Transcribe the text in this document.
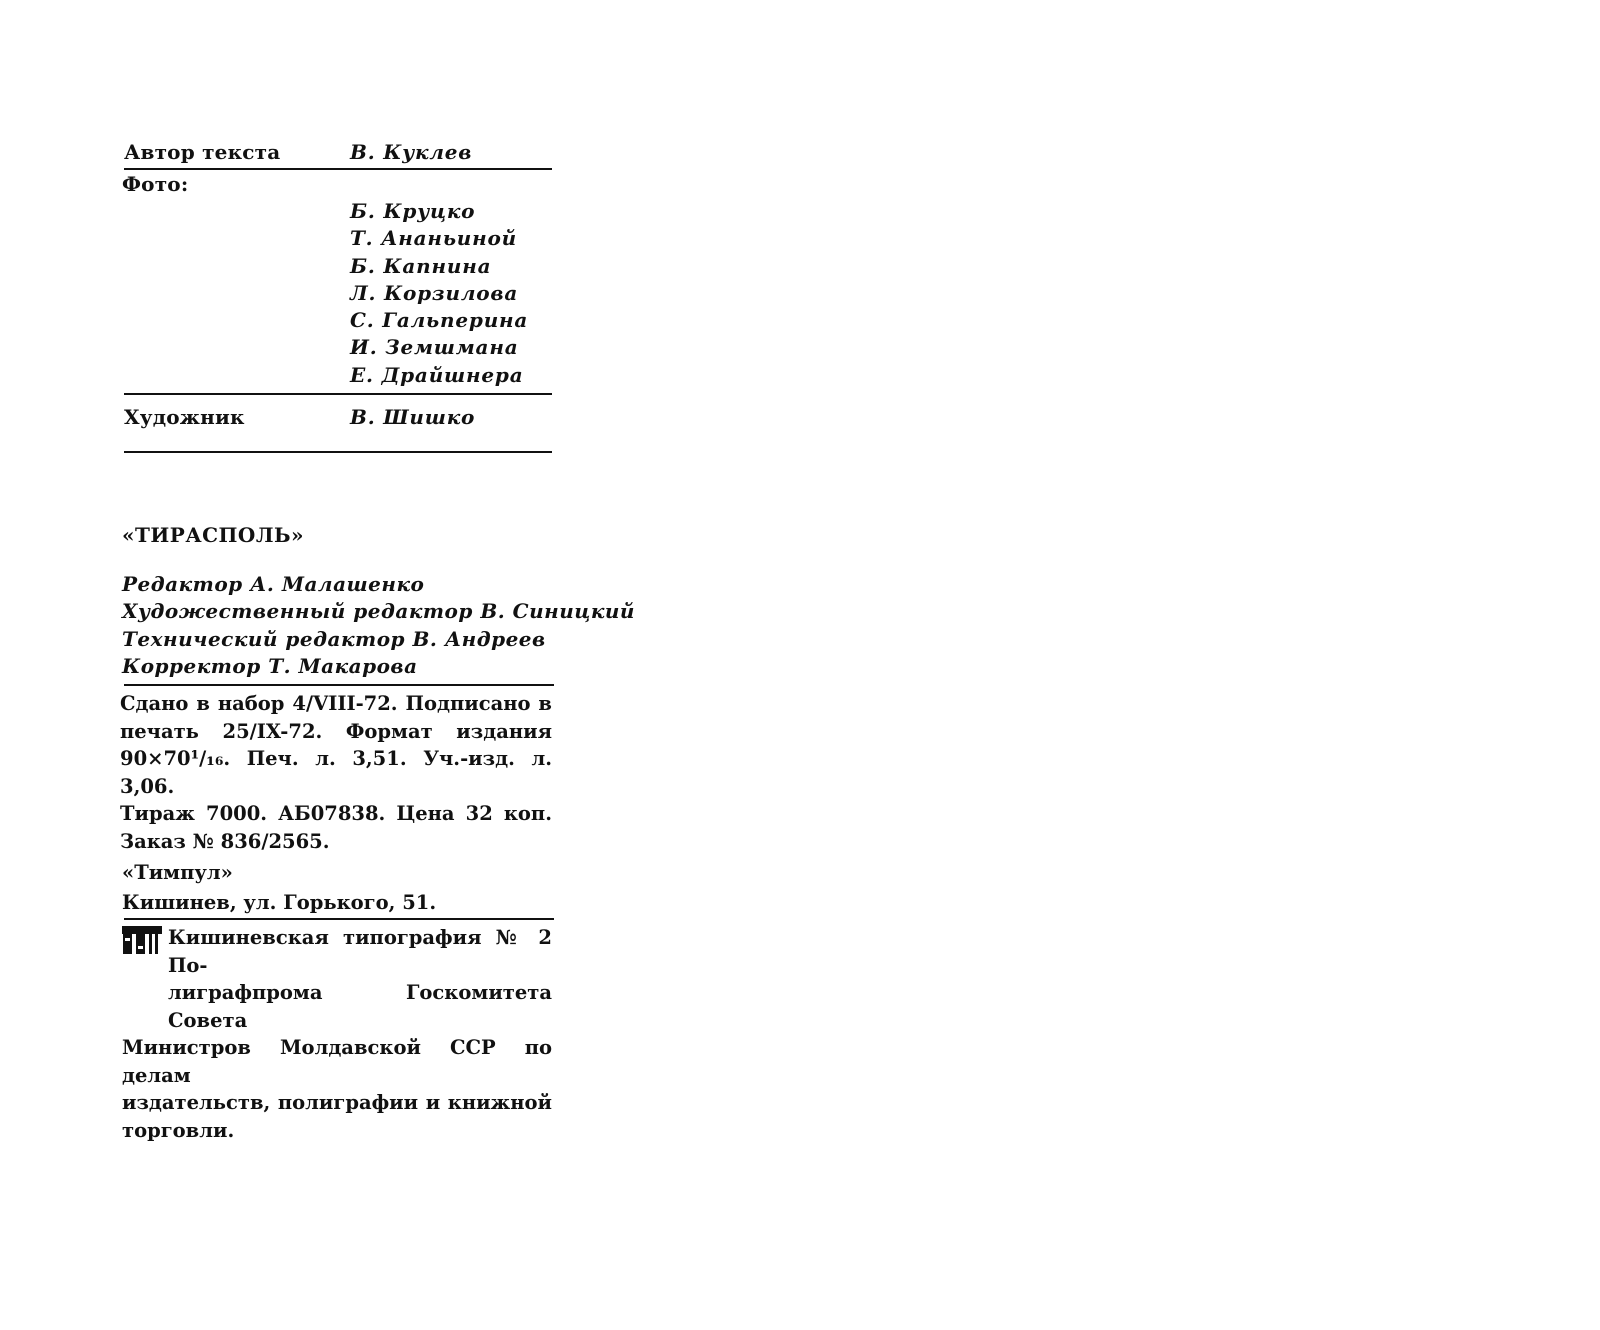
Автор текста	В. Куклев
Фото:
Б. Круцко
Т. Ананьиной
Б. Капнина
Л. Корзилова
С. Гальперина
И. Земшмана
Е. Драйшнера
Художник	В. Шишко
«ТИРАСПОЛЬ»
Редактор А. Малашенко
Художественный редактор В. Синицкий
Технический редактор В. Андреев
Корректор Т. Макарова
Сдано в набор 4/VIII-72. Подписано в
печать 25/IX-72. Формат издания
90×70¹/₁₆. Печ. л. 3,51. Уч.-изд. л. 3,06.
Тираж 7000. АБ07838. Цена 32 коп.
Заказ № 836/2565.
«Тимпул»
Кишинев, ул. Горького, 51.
Кишиневская типография № 2 По-
лиграфпрома Госкомитета Совета
Министров Молдавской ССР по делам
издательств, полиграфии и книжной
торговли.
